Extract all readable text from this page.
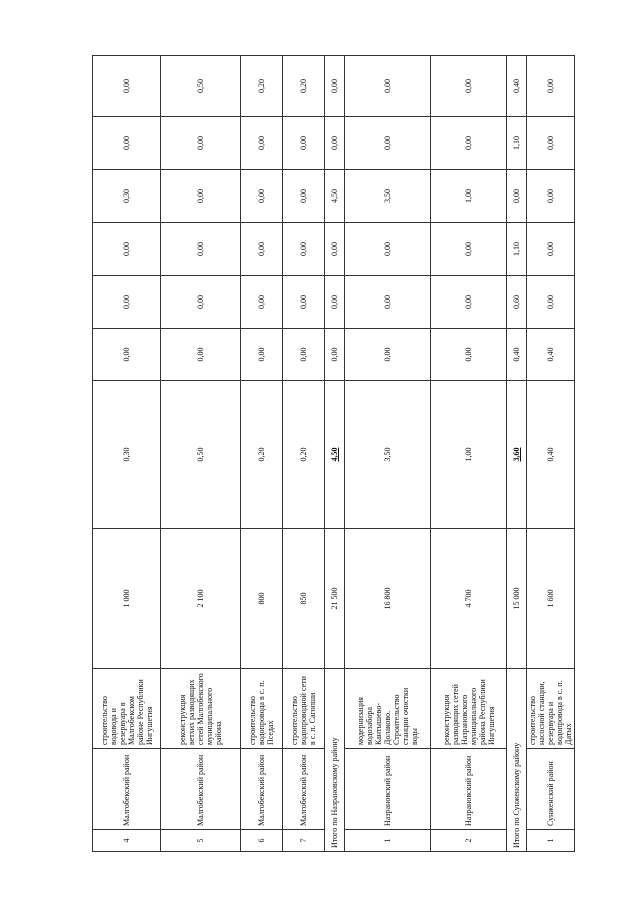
4	Малгобекский район	строительство водовода и резервуара в Малгобекском районе Республики Ингушетия	1 000	0,30	0,00	0,00	0,00	0,30	0,00	0,00
5	Малгобекский район	реконструкция ветхих разводящих сетей Малгобекского муниципального района	2 100	0,50	0,00	0,00	0,00	0,00	0,00	0,50
6	Малгобекский район	строительство водопровода в с. п. Пседах	800	0,20	0,00	0,00	0,00	0,00	0,00	0,20
7	Малгобекский район	строительство водопроводной сети в с. п. Сагопши	850	0,20	0,00	0,00	0,00	0,00	0,00	0,20
Итого по Назрановскому району			21 500	4,50	0,00	0,00	0,00	4,50	0,00	0,00
1	Назрановский район	модернизация водозабора Кантышево-Долаково. Строительство станции очистки воды	16 800	3,50	0,00	0,00	0,00	3,50	0,00	0,00
2	Назрановский район	реконструкция разводящих сетей Назрановского муниципального района Республики Ингушетия	4 700	1,00	0,00	0,00	0,00	1,00	0,00	0,00
Итого по Сунженскому району			15 000	3,60	0,40	0,60	1,10	0,00	1,10	0,40
1	Сунженский район	строительство насосной станции, резервуара и водопровода в с. п. Датых	1 600	0,40	0,40	0,00	0,00	0,00	0,00	0,00
